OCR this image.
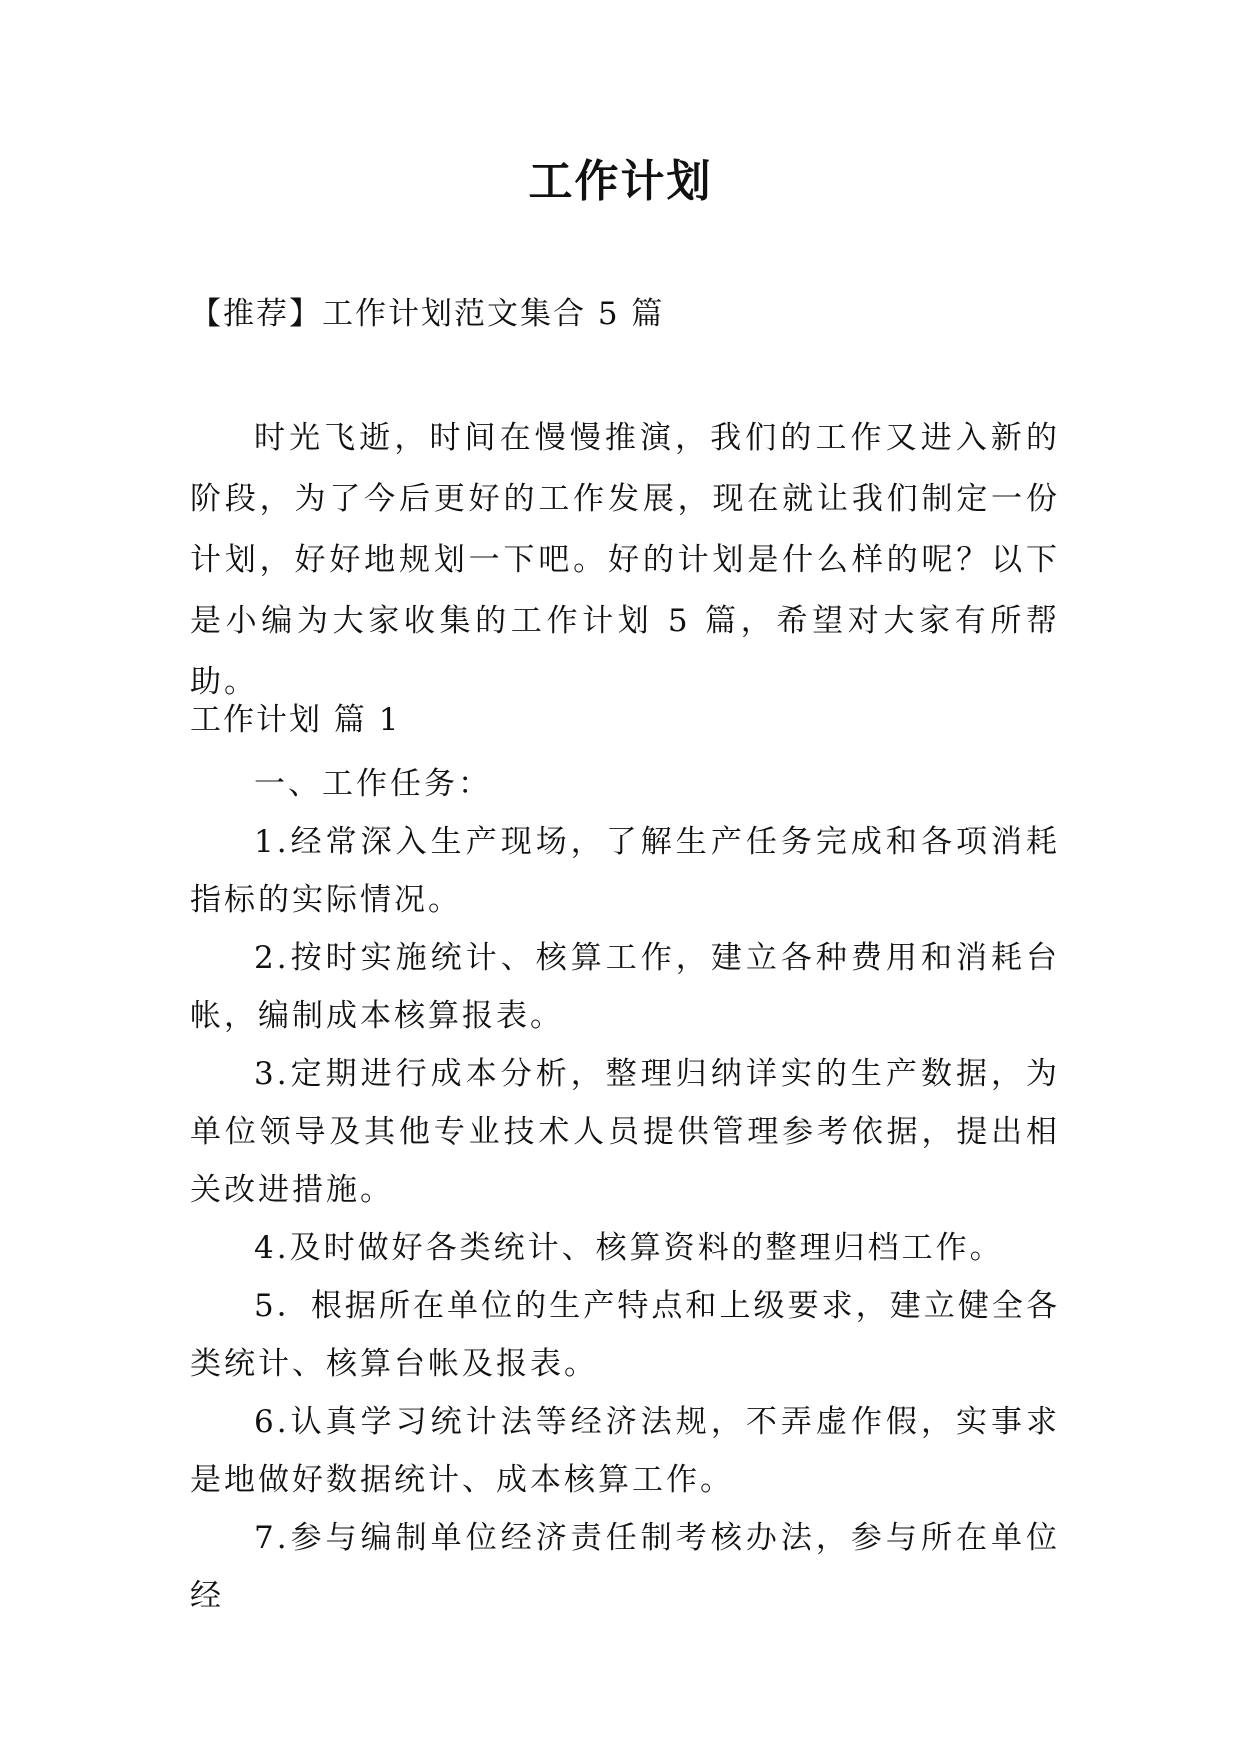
工作计划
【推荐】工作计划范文集合 5 篇
时光飞逝，时间在慢慢推演，我们的工作又进入新的阶段，为了今后更好的工作发展，现在就让我们制定一份计划，好好地规划一下吧。好的计划是什么样的呢？以下是小编为大家收集的工作计划 5 篇，希望对大家有所帮助。
工作计划 篇 1

一、工作任务：

1.经常深入生产现场，了解生产任务完成和各项消耗指标的实际情况。

2.按时实施统计、核算工作，建立各种费用和消耗台帐，编制成本核算报表。

3.定期进行成本分析，整理归纳详实的生产数据，为单位领导及其他专业技术人员提供管理参考依据，提出相关改进措施。

4.及时做好各类统计、核算资料的整理归档工作。

5．根据所在单位的生产特点和上级要求，建立健全各类统计、核算台帐及报表。

6.认真学习统计法等经济法规，不弄虚作假，实事求是地做好数据统计、成本核算工作。

7.参与编制单位经济责任制考核办法，参与所在单位经
